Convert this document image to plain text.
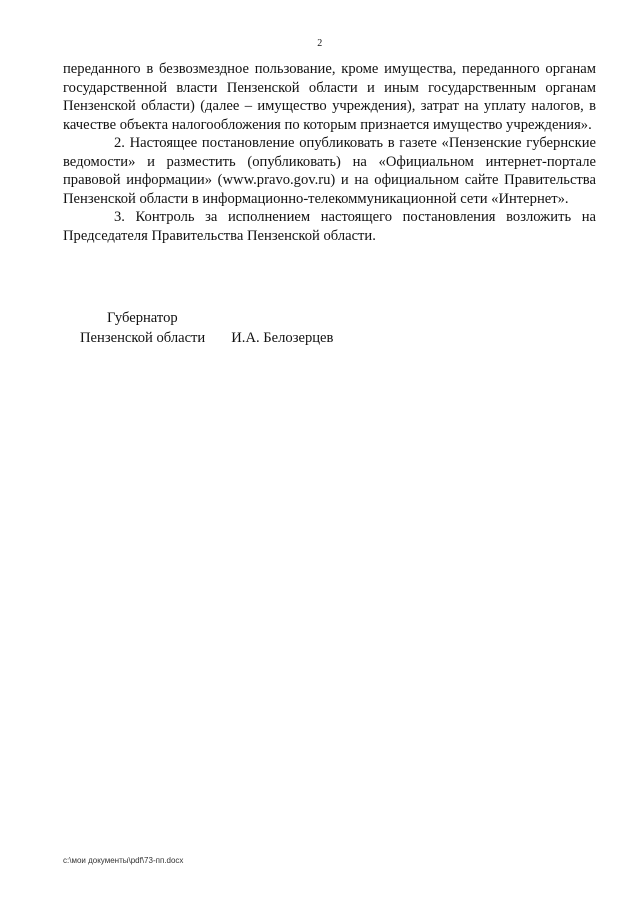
2

переданного в безвозмездное пользование, кроме имущества, переданного органам государственной власти Пензенской области и иным государственным органам Пензенской области) (далее – имущество учреждения), затрат на уплату налогов, в качестве объекта налогообложения по которым признается имущество учреждения».

2. Настоящее постановление опубликовать в газете «Пензенские губернские ведомости» и разместить (опубликовать) на «Официальном интернет-портале правовой информации» (www.pravo.gov.ru) и на официальном сайте Правительства Пензенской области в информационно-телекоммуникационной сети «Интернет».

3. Контроль за исполнением настоящего постановления возложить на Председателя Правительства Пензенской области.

Губернатор
Пензенской области И.А. Белозерцев
c:\мои документы\pdf\73-пп.docx
